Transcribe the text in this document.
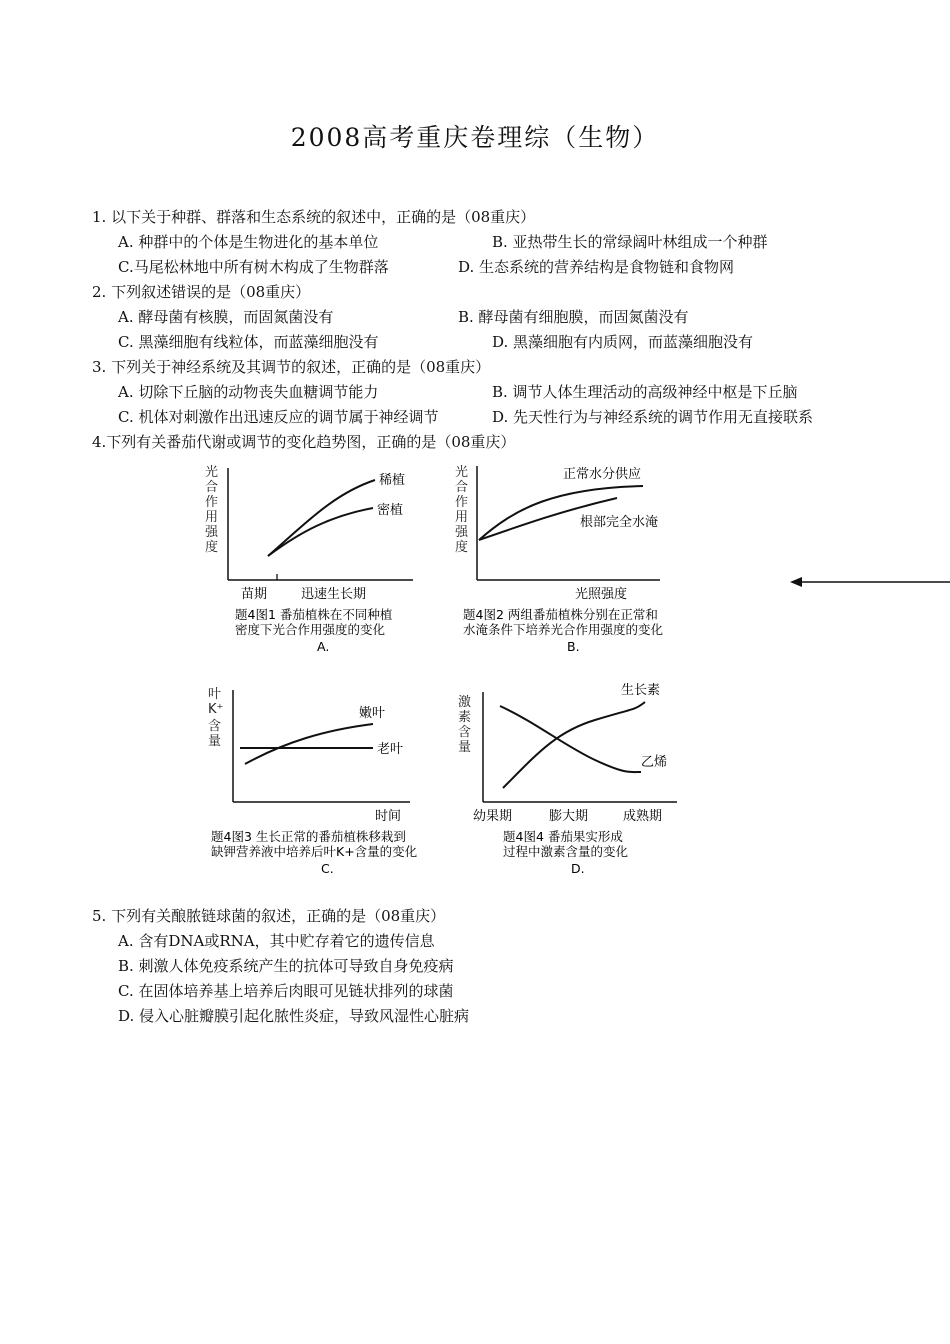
2008高考重庆卷理综（生物）
1. 以下关于种群、群落和生态系统的叙述中，正确的是（08重庆）
A. 种群中的个体是生物进化的基本单位	B. 亚热带生长的常绿阔叶林组成一个种群
C.马尾松林地中所有树木构成了生物群落	D. 生态系统的营养结构是食物链和食物网
2. 下列叙述错误的是（08重庆）
A. 酵母菌有核膜，而固氮菌没有	B. 酵母菌有细胞膜，而固氮菌没有
C. 黑藻细胞有线粒体，而蓝藻细胞没有	D. 黑藻细胞有内质网，而蓝藻细胞没有
3. 下列关于神经系统及其调节的叙述，正确的是（08重庆）
A. 切除下丘脑的动物丧失血糖调节能力	B. 调节人体生理活动的高级神经中枢是下丘脑
C. 机体对刺激作出迅速反应的调节属于神经调节	D. 先天性行为与神经系统的调节作用无直接联系
4.下列有关番茄代谢或调节的变化趋势图，正确的是（08重庆）
光
合
作
用
强
度
稀植
密植
苗期	迅速生长期
题4图1 番茄植株在不同种植
密度下光合作用强度的变化
A.
光
合
作
用
强
度
正常水分供应
根部完全水淹
光照强度
题4图2 两组番茄植株分别在正常和
水淹条件下培养光合作用强度的变化
B.
叶
K⁺
含
量
嫩叶
老叶
时间
题4图3 生长正常的番茄植株移栽到
缺钾营养液中培养后叶K+含量的变化
C.
激
素
含
量
生长素
乙烯
幼果期	膨大期	成熟期
题4图4 番茄果实形成
过程中激素含量的变化
D.
5. 下列有关酿脓链球菌的叙述，正确的是（08重庆）
A. 含有DNA或RNA，其中贮存着它的遗传信息
B. 刺激人体免疫系统产生的抗体可导致自身免疫病
C. 在固体培养基上培养后肉眼可见链状排列的球菌
D. 侵入心脏瓣膜引起化脓性炎症，导致风湿性心脏病
